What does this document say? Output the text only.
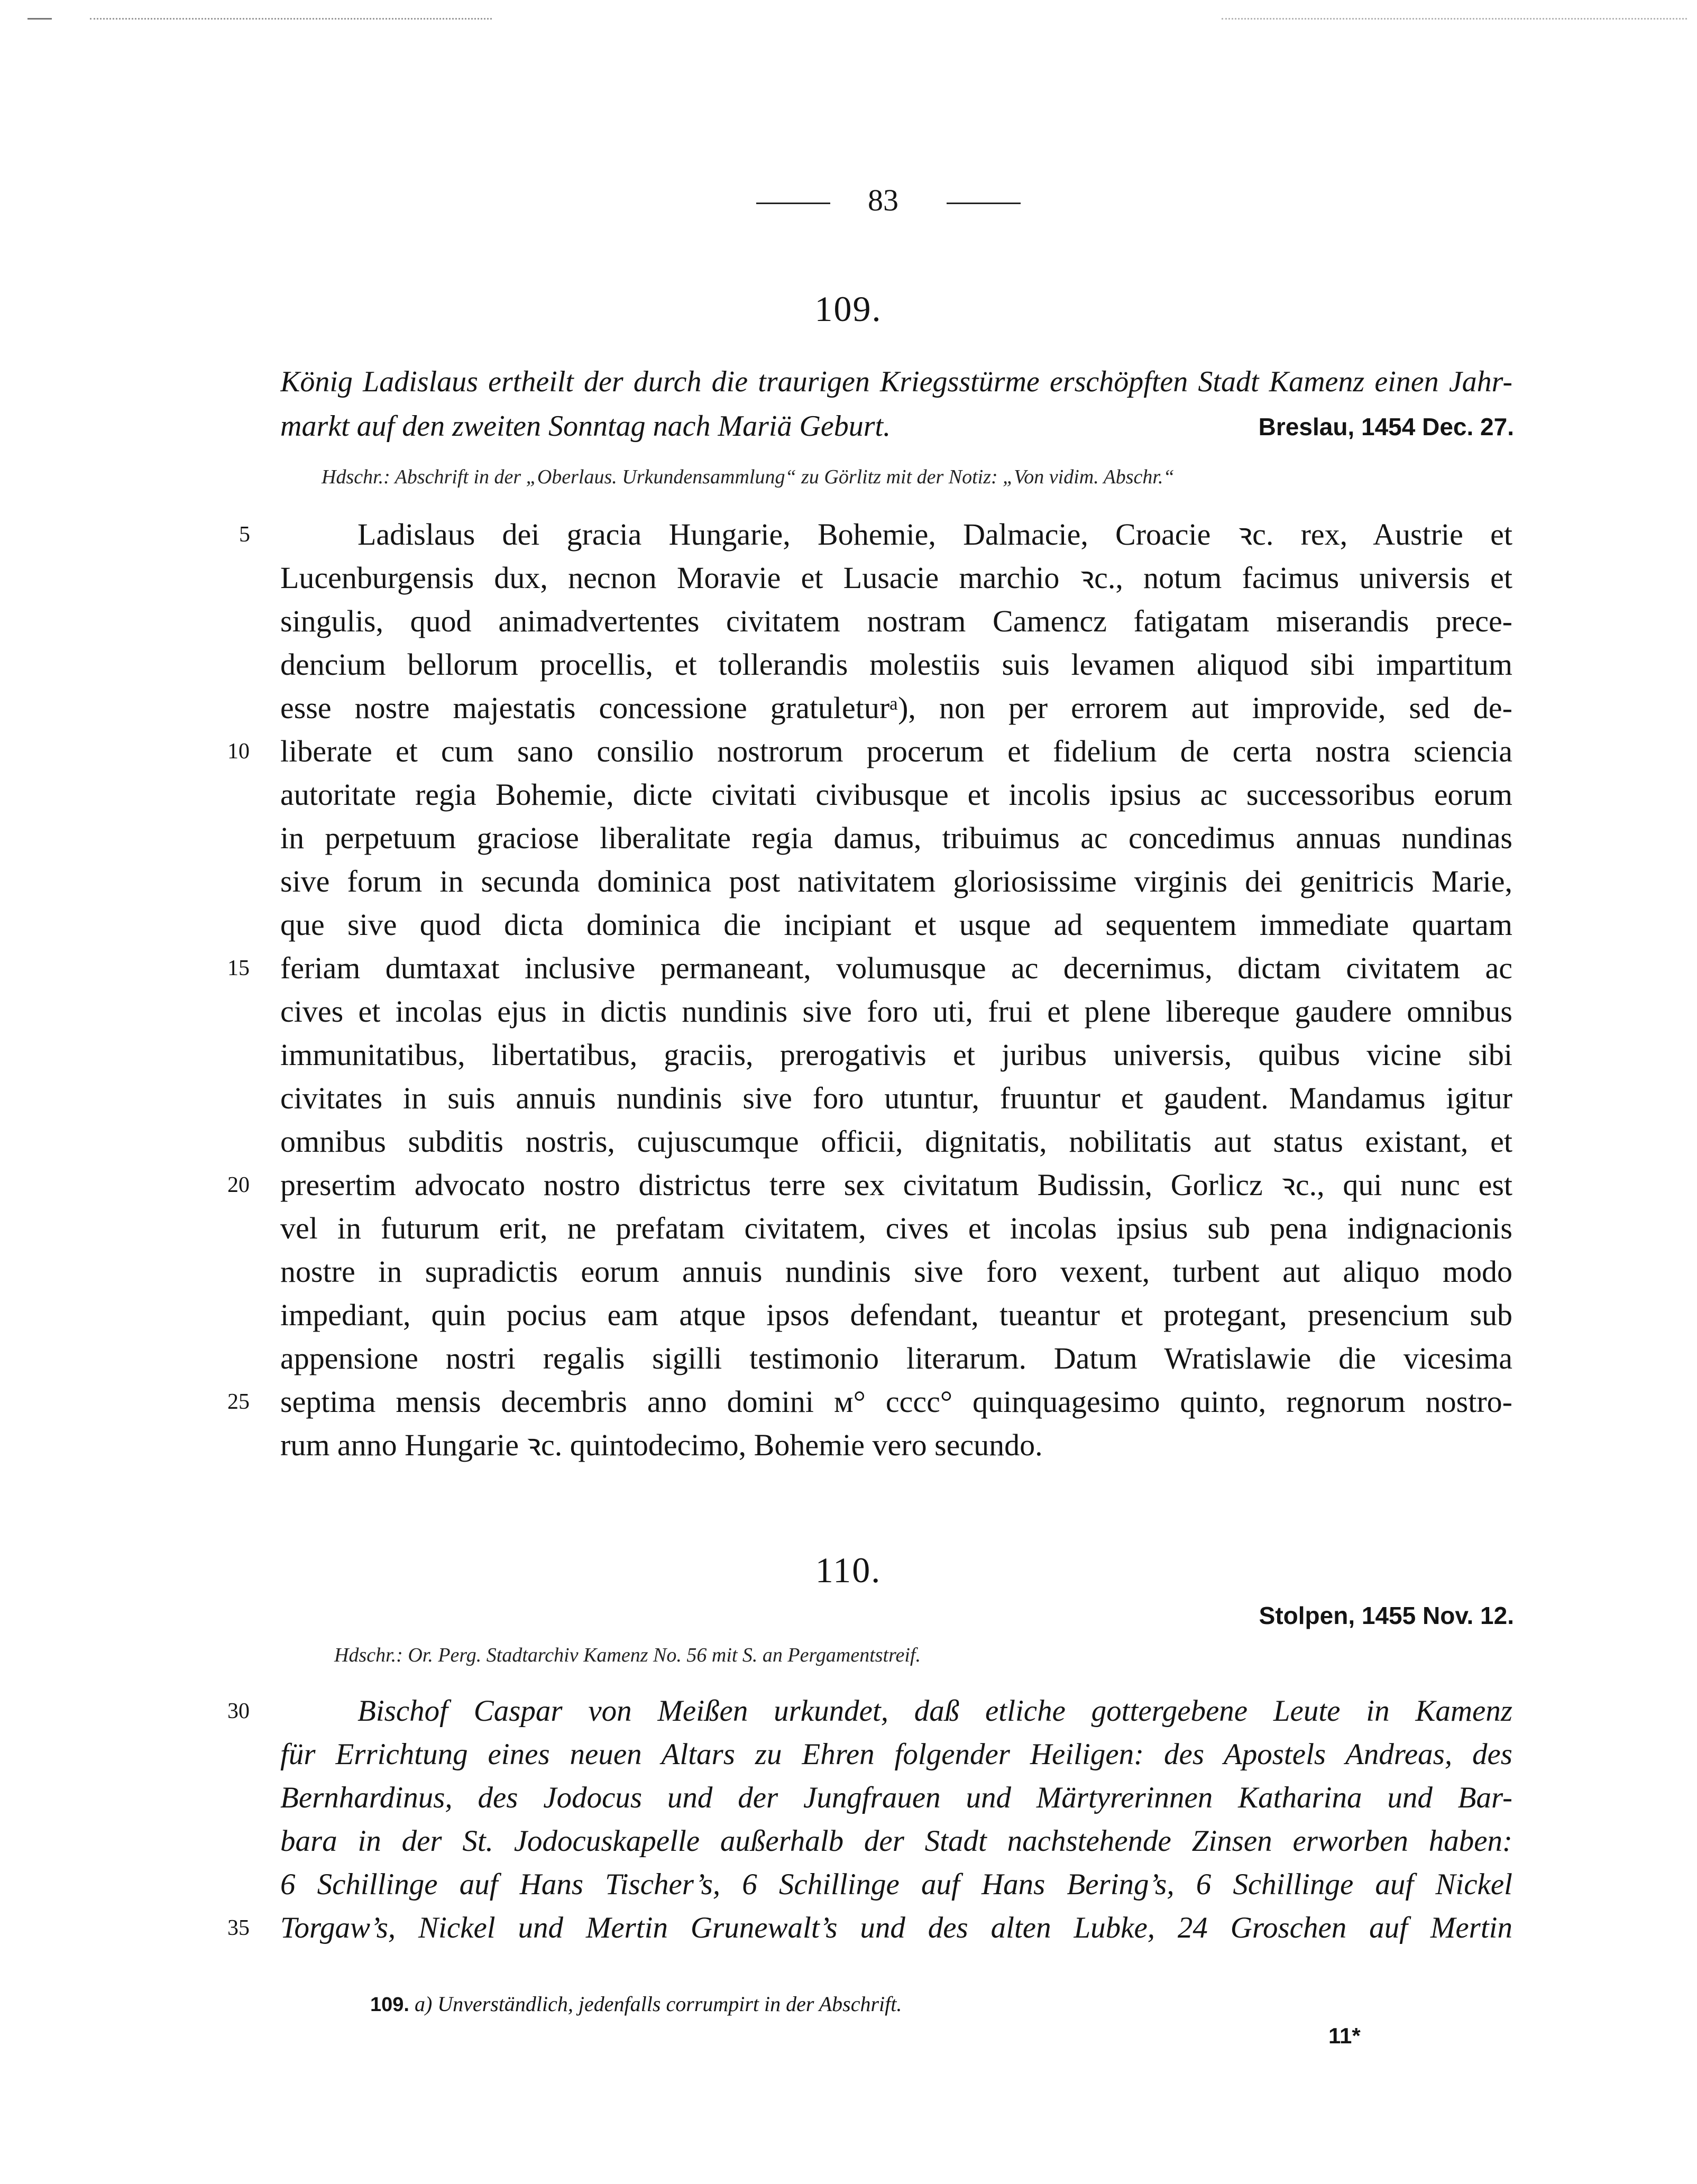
83
109.
König Ladislaus ertheilt der durch die traurigen Kriegsstürme erschöpften Stadt Kamenz einen Jahr-
markt auf den zweiten Sonntag nach Mariä Geburt.	Breslau, 1454 Dec. 27.
Hdschr.: Abschrift in der „Oberlaus. Urkundensammlung“ zu Görlitz mit der Notiz: „Von vidim. Abschr.“
Ladislaus dei gracia Hungarie, Bohemie, Dalmacie, Croacie ꝛc. rex, Austrie et
Lucenburgensis dux, necnon Moravie et Lusacie marchio ꝛc., notum facimus universis et
singulis, quod animadvertentes civitatem nostram Camencz fatigatam miserandis prece-
dencium bellorum procellis, et tollerandis molestiis suis levamen aliquod sibi impartitum
esse nostre majestatis concessione gratuleturᵃ), non per errorem aut improvide, sed de-
liberate et cum sano consilio nostrorum procerum et fidelium de certa nostra sciencia
autoritate regia Bohemie, dicte civitati civibusque et incolis ipsius ac successoribus eorum
in perpetuum graciose liberalitate regia damus, tribuimus ac concedimus annuas nundinas
sive forum in secunda dominica post nativitatem gloriosissime virginis dei genitricis Marie,
que sive quod dicta dominica die incipiant et usque ad sequentem immediate quartam
feriam dumtaxat inclusive permaneant, volumusque ac decernimus, dictam civitatem ac
cives et incolas ejus in dictis nundinis sive foro uti, frui et plene libereque gaudere omnibus
immunitatibus, libertatibus, graciis, prerogativis et juribus universis, quibus vicine sibi
civitates in suis annuis nundinis sive foro utuntur, fruuntur et gaudent. Mandamus igitur
omnibus subditis nostris, cujuscumque officii, dignitatis, nobilitatis aut status existant, et
presertim advocato nostro districtus terre sex civitatum Budissin, Gorlicz ꝛc., qui nunc est
vel in futurum erit, ne prefatam civitatem, cives et incolas ipsius sub pena indignacionis
nostre in supradictis eorum annuis nundinis sive foro vexent, turbent aut aliquo modo
impediant, quin pocius eam atque ipsos defendant, tueantur et protegant, presencium sub
appensione nostri regalis sigilli testimonio literarum. Datum Wratislawie die vicesima
septima mensis decembris anno domini ᴍ° cccc° quinquagesimo quinto, regnorum nostro-
rum anno Hungarie ꝛc. quintodecimo, Bohemie vero secundo.
5
10
15
20
25
110.
Stolpen, 1455 Nov. 12.
Hdschr.: Or. Perg. Stadtarchiv Kamenz No. 56 mit S. an Pergamentstreif.
Bischof Caspar von Meißen urkundet, daß etliche gottergebene Leute in Kamenz
für Errichtung eines neuen Altars zu Ehren folgender Heiligen: des Apostels Andreas, des
Bernhardinus, des Jodocus und der Jungfrauen und Märtyrerinnen Katharina und Bar-
bara in der St. Jodocuskapelle außerhalb der Stadt nachstehende Zinsen erworben haben:
6 Schillinge auf Hans Tischer’s, 6 Schillinge auf Hans Bering’s, 6 Schillinge auf Nickel
Torgaw’s, Nickel und Mertin Grunewalt’s und des alten Lubke, 24 Groschen auf Mertin
30
35
109. a) Unverständlich, jedenfalls corrumpirt in der Abschrift.
11*
